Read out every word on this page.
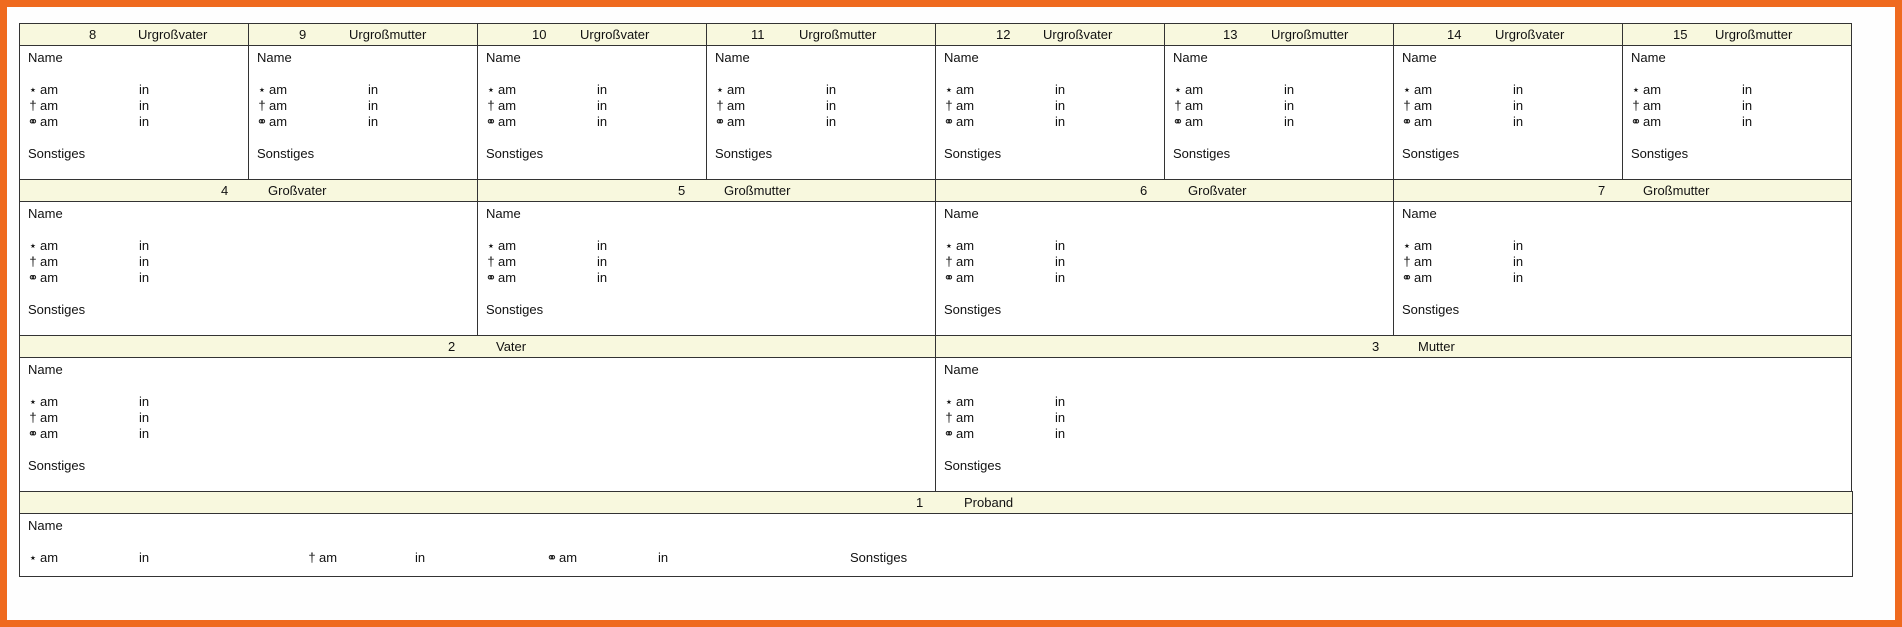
8	Urgroßvater
Name
⋆ am	in
† am	in
⚭ am	in
Sonstiges
9	Urgroßmutter
Name
⋆ am	in
† am	in
⚭ am	in
Sonstiges
10	Urgroßvater
Name
⋆ am	in
† am	in
⚭ am	in
Sonstiges
11	Urgroßmutter
Name
⋆ am	in
† am	in
⚭ am	in
Sonstiges
12	Urgroßvater
Name
⋆ am	in
† am	in
⚭ am	in
Sonstiges
13	Urgroßmutter
Name
⋆ am	in
† am	in
⚭ am	in
Sonstiges
14	Urgroßvater
Name
⋆ am	in
† am	in
⚭ am	in
Sonstiges
15 Urgroßmutter
Name
⋆ am	in
† am	in
⚭ am	in
Sonstiges
4	Großvater
Name
⋆ am	in
† am	in
⚭ am	in
Sonstiges
5	Großmutter
Name
⋆ am	in
† am	in
⚭ am	in
Sonstiges
6	Großvater
Name
⋆ am	in
† am	in
⚭ am	in
Sonstiges
7	Großmutter
Name
⋆ am	in
† am	in
⚭ am	in
Sonstiges
2	Vater
Name
⋆ am	in
† am	in
⚭ am	in
Sonstiges
3	Mutter
Name
⋆ am	in
† am	in
⚭ am	in
Sonstiges
1	Proband
Name
⋆ am	in	† am	in	⚭ am	in	Sonstiges
